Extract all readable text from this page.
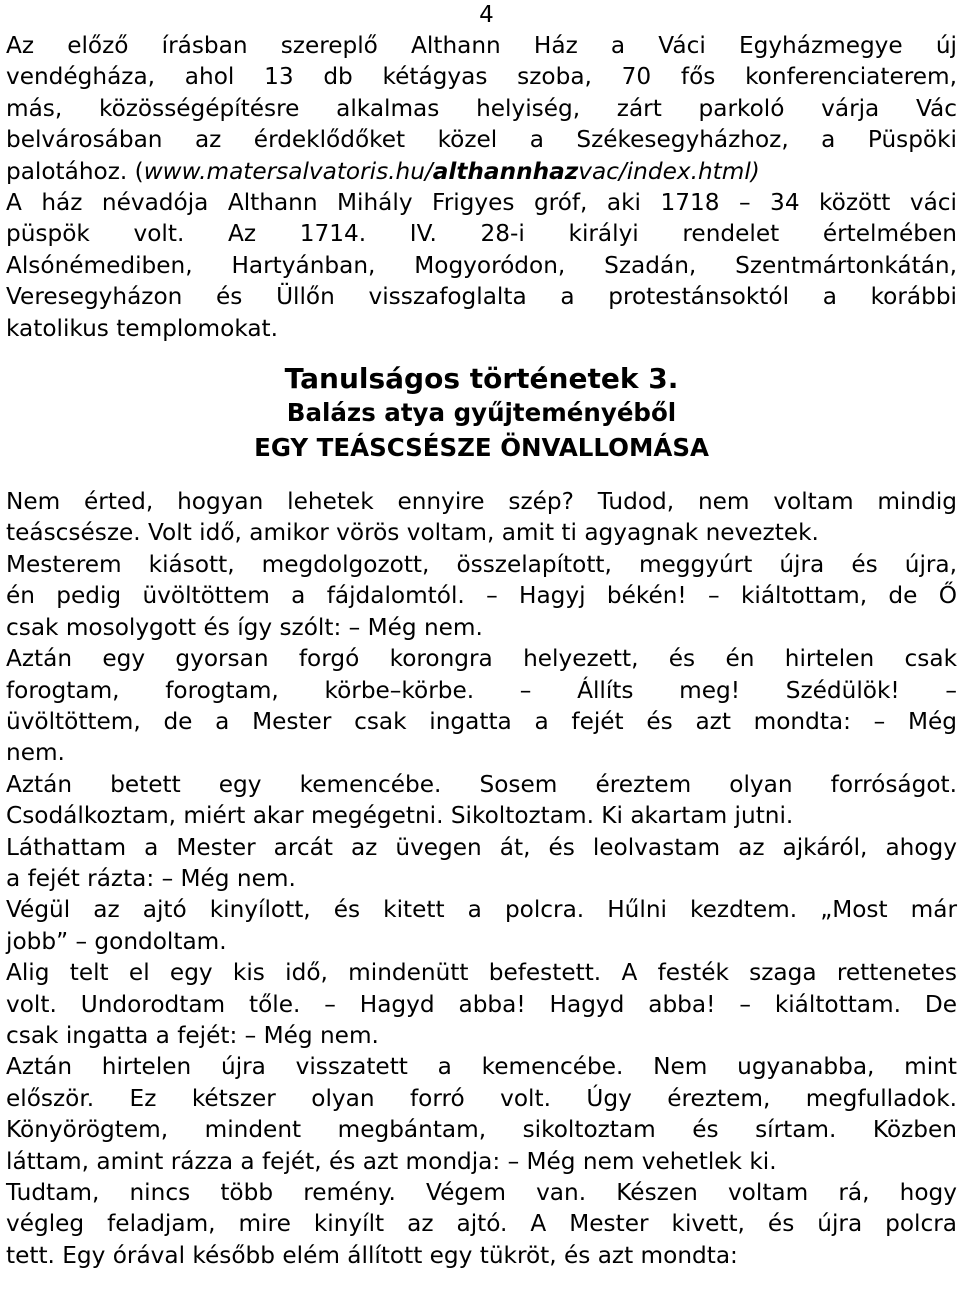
4

Az előző írásban szereplő Althann Ház a Váci Egyházmegye új

vendégháza, ahol 13 db kétágyas szoba, 70 fős konferenciaterem,

más, közösségépítésre alkalmas helyiség, zárt parkoló várja Vác

belvárosában az érdeklődőket közel a Székesegyházhoz, a Püspöki

palotához. (www.matersalvatoris.hu/althannhazvac/index.html)

A ház névadója Althann Mihály Frigyes gróf, aki 1718 – 34 között váci

püspök volt. Az 1714. IV. 28-i királyi rendelet értelmében

Alsónémediben, Hartyánban, Mogyoródon, Szadán, Szentmártonkátán,

Veresegyházon és Üllőn visszafoglalta a protestánsoktól a korábbi

katolikus templomokat.

Tanulságos történetek 3.
Balázs atya gyűjteményéből
EGY TEÁSCSÉSZE ÖNVALLOMÁSA

Nem érted, hogyan lehetek ennyire szép? Tudod, nem voltam mindig

teáscsésze. Volt idő, amikor vörös voltam, amit ti agyagnak neveztek.

Mesterem kiásott, megdolgozott, összelapított, meggyúrt újra és újra,

én pedig üvöltöttem a fájdalomtól. – Hagyj békén! – kiáltottam, de Ő

csak mosolygott és így szólt: – Még nem.

Aztán egy gyorsan forgó korongra helyezett, és én hirtelen csak

forogtam, forogtam, körbe–körbe. – Állíts meg! Szédülök! –

üvöltöttem, de a Mester csak ingatta a fejét és azt mondta: – Még

nem.

Aztán betett egy kemencébe. Sosem éreztem olyan forróságot.

Csodálkoztam, miért akar megégetni. Sikoltoztam. Ki akartam jutni.

Láthattam a Mester arcát az üvegen át, és leolvastam az ajkáról, ahogy

a fejét rázta: – Még nem.

Végül az ajtó kinyílott, és kitett a polcra. Hűlni kezdtem. „Most már

jobb” – gondoltam.

Alig telt el egy kis idő, mindenütt befestett. A festék szaga rettenetes

volt. Undorodtam tőle. – Hagyd abba! Hagyd abba! – kiáltottam. De

csak ingatta a fejét: – Még nem.

Aztán hirtelen újra visszatett a kemencébe. Nem ugyanabba, mint

először. Ez kétszer olyan forró volt. Úgy éreztem, megfulladok.

Könyörögtem, mindent megbántam, sikoltoztam és sírtam. Közben

láttam, amint rázza a fejét, és azt mondja: – Még nem vehetlek ki.

Tudtam, nincs több remény. Végem van. Készen voltam rá, hogy

végleg feladjam, mire kinyílt az ajtó. A Mester kivett, és újra polcra

tett. Egy órával később elém állított egy tükröt, és azt mondta:
